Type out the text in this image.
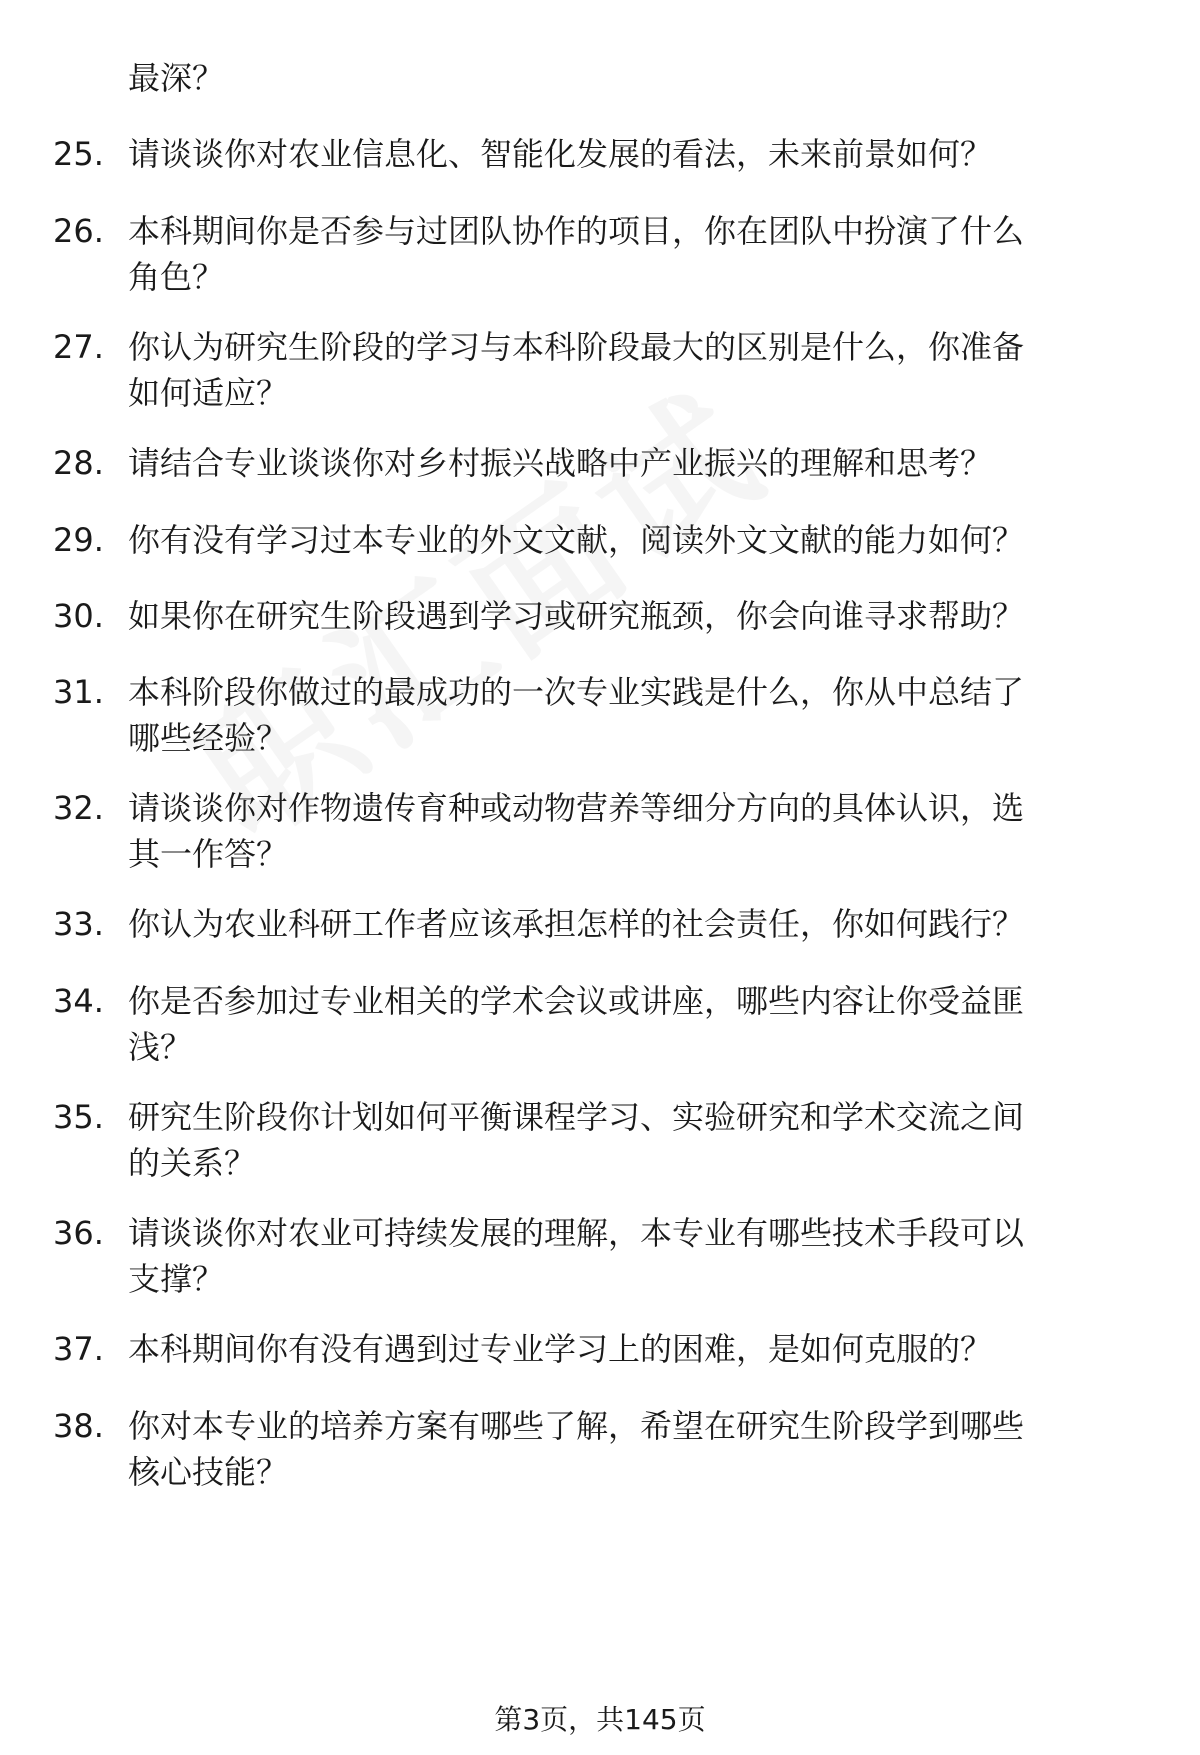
最深？
25. 请谈谈你对农业信息化、智能化发展的看法，未来前景如何？
26. 本科期间你是否参与过团队协作的项目，你在团队中扮演了什么
角色？
27. 你认为研究生阶段的学习与本科阶段最大的区别是什么，你准备
如何适应？
28. 请结合专业谈谈你对乡村振兴战略中产业振兴的理解和思考？
29. 你有没有学习过本专业的外文文献，阅读外文文献的能力如何？
30. 如果你在研究生阶段遇到学习或研究瓶颈，你会向谁寻求帮助？
31. 本科阶段你做过的最成功的一次专业实践是什么，你从中总结了
哪些经验？
32. 请谈谈你对作物遗传育种或动物营养等细分方向的具体认识，选
其一作答？
33. 你认为农业科研工作者应该承担怎样的社会责任，你如何践行？
34. 你是否参加过专业相关的学术会议或讲座，哪些内容让你受益匪
浅？
35. 研究生阶段你计划如何平衡课程学习、实验研究和学术交流之间
的关系？
36. 请谈谈你对农业可持续发展的理解，本专业有哪些技术手段可以
支撑？
37. 本科期间你有没有遇到过专业学习上的困难，是如何克服的？
38. 你对本专业的培养方案有哪些了解，希望在研究生阶段学到哪些
核心技能？
第3页，共145页
